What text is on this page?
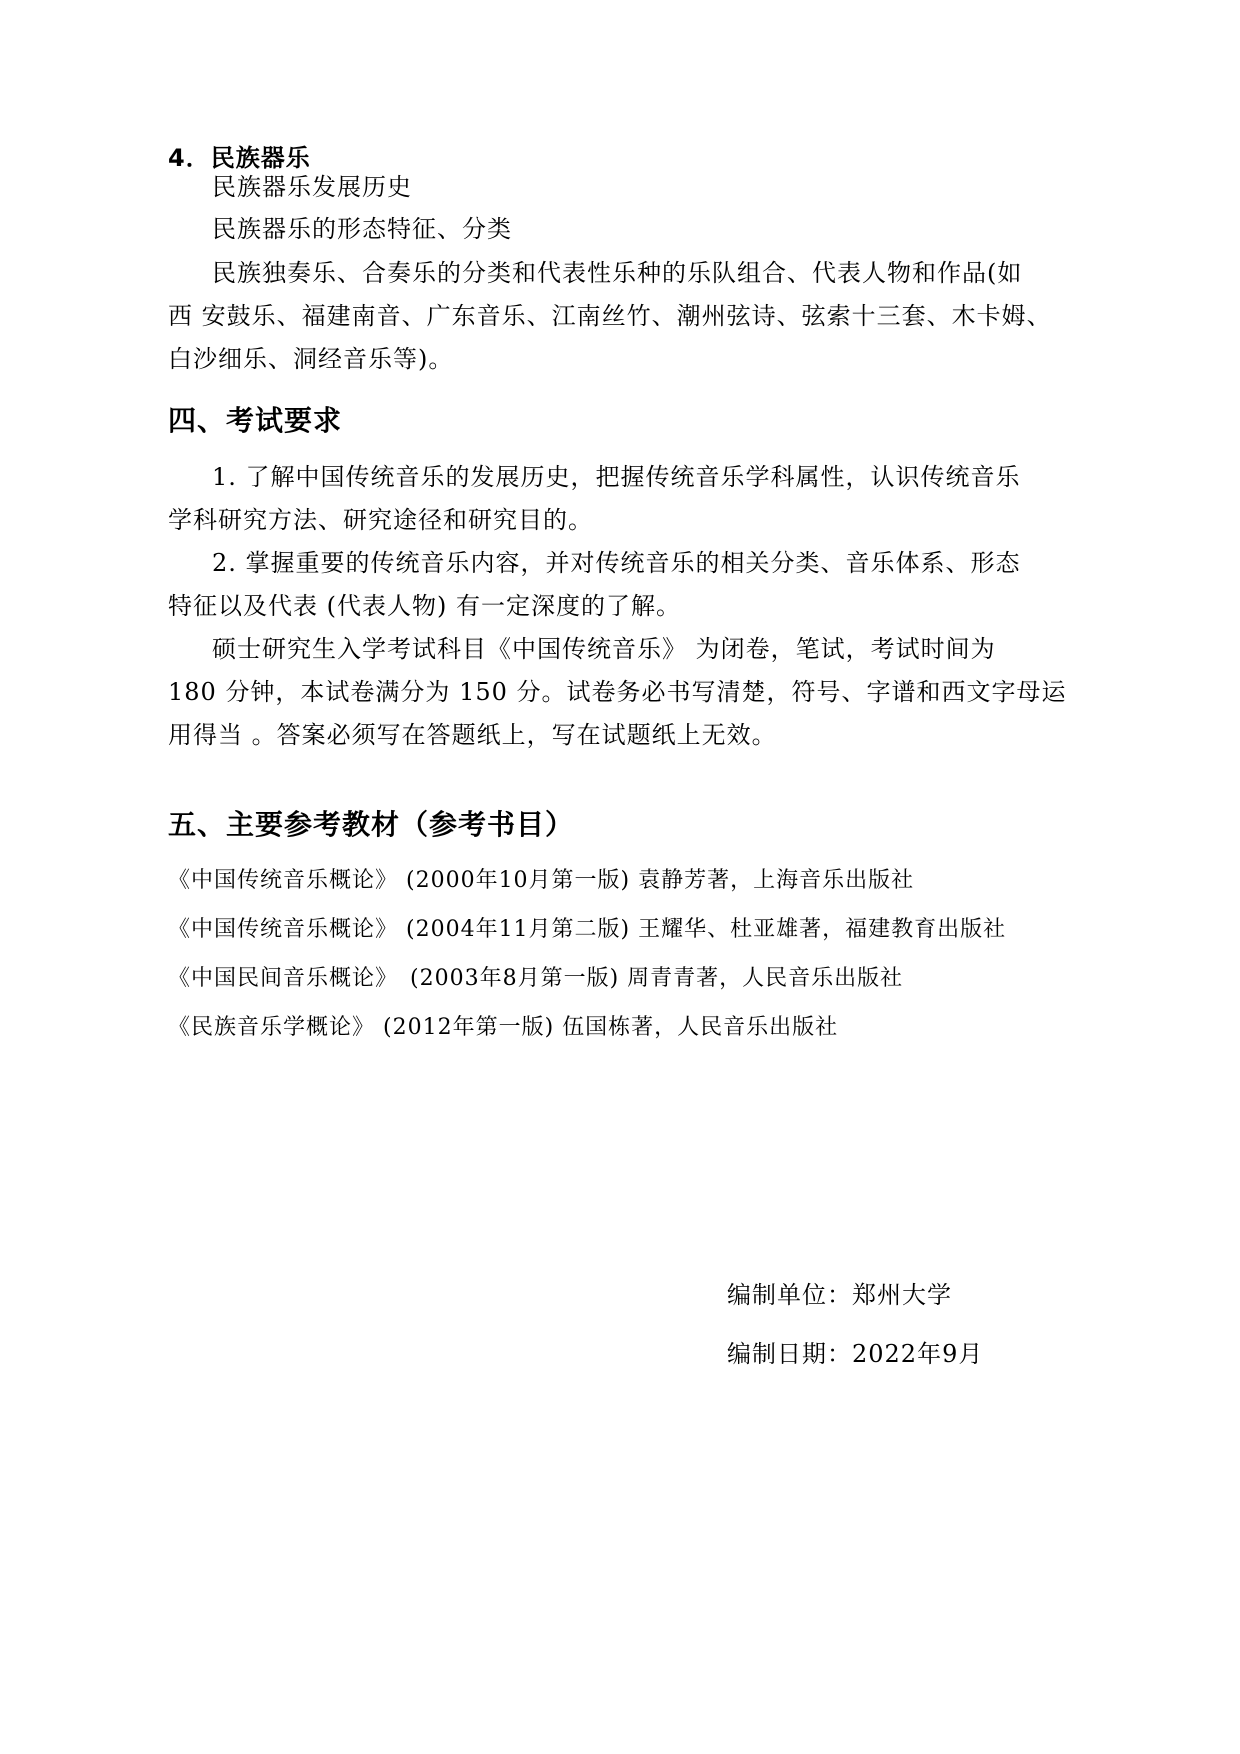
4．民族器乐
民族器乐发展历史
民族器乐的形态特征、分类
民族独奏乐、合奏乐的分类和代表性乐种的乐队组合、代表人物和作品(如
西 安鼓乐、福建南音、广东音乐、江南丝竹、潮州弦诗、弦索十三套、木卡姆、
白沙细乐、洞经音乐等)。
四、考试要求
1. 了解中国传统音乐的发展历史，把握传统音乐学科属性，认识传统音乐
学科研究方法、研究途径和研究目的。
2. 掌握重要的传统音乐内容，并对传统音乐的相关分类、音乐体系、形态
特征以及代表 (代表人物) 有一定深度的了解。
硕士研究生入学考试科目《中国传统音乐》 为闭卷，笔试，考试时间为
180 分钟，本试卷满分为 150 分。试卷务必书写清楚，符号、字谱和西文字母运
用得当 。答案必须写在答题纸上，写在试题纸上无效。
五、主要参考教材（参考书目）
《中国传统音乐概论》 (2000年10月第一版) 袁静芳著，上海音乐出版社
《中国传统音乐概论》 (2004年11月第二版) 王耀华、杜亚雄著，福建教育出版社
《中国民间音乐概论》　(2003年8月第一版) 周青青著，人民音乐出版社
《民族音乐学概论》 (2012年第一版) 伍国栋著，人民音乐出版社
编制单位：郑州大学
编制日期：2022年9月
